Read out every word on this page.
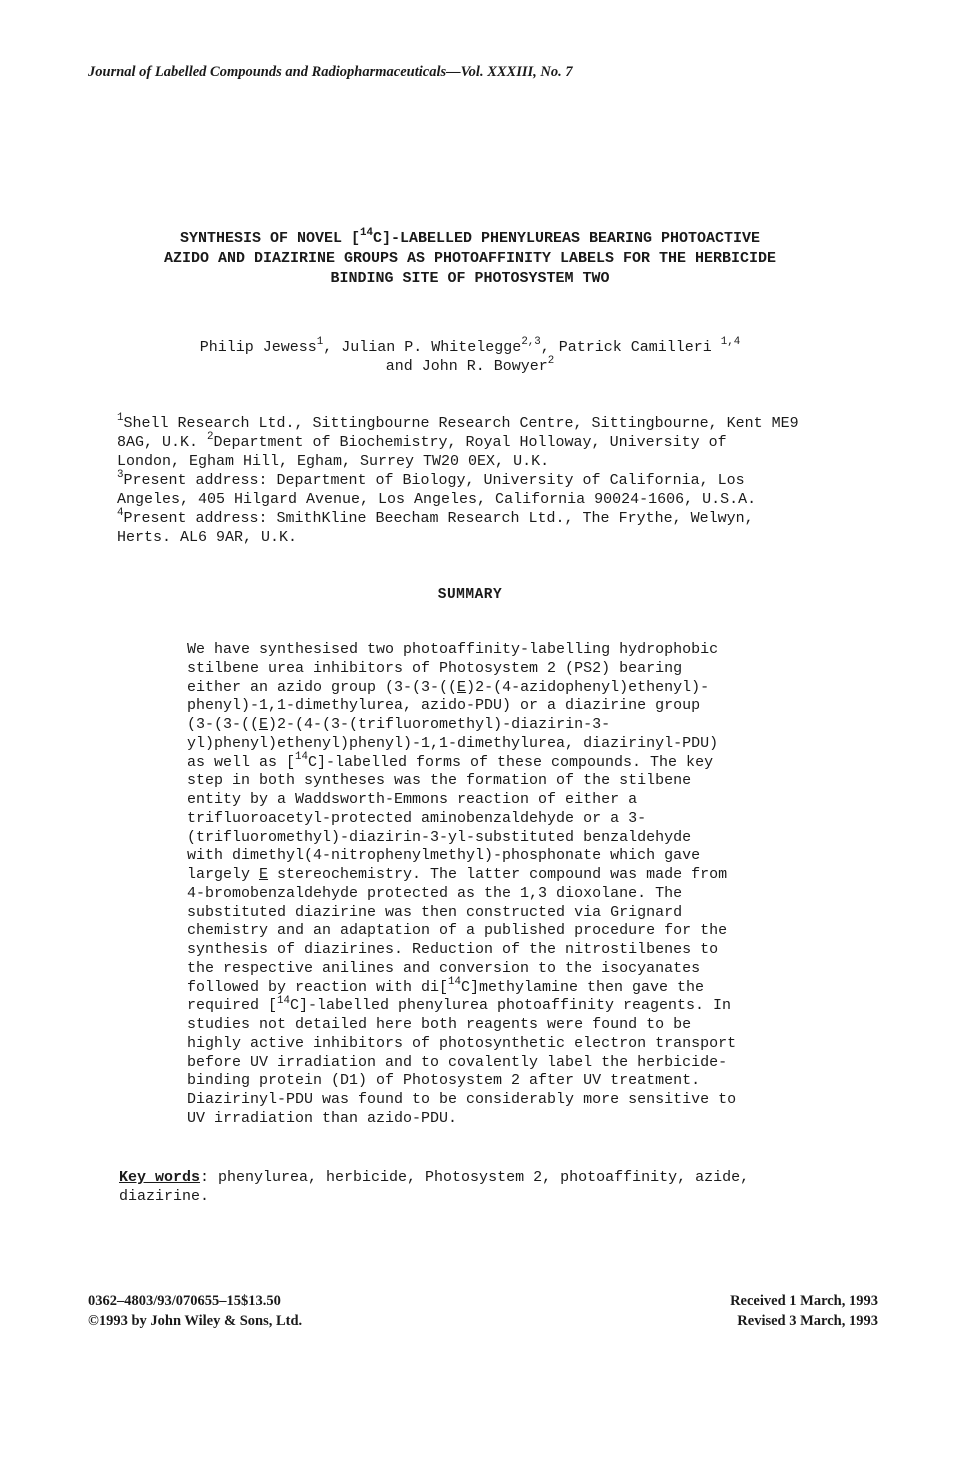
Journal of Labelled Compounds and Radiopharmaceuticals—Vol. XXXIII, No. 7
SYNTHESIS OF NOVEL [$^{14}$C]-LABELLED PHENYLUREAS BEARING PHOTOACTIVE
AZIDO AND DIAZIRINE GROUPS AS PHOTOAFFINITY LABELS FOR THE HERBICIDE
BINDING SITE OF PHOTOSYSTEM TWO
Philip Jewess$^1$, Julian P. Whitelegge$^{2,3}$, Patrick Camilleri $^{1,4}$
and John R. Bowyer$^2$
$^1$Shell Research Ltd., Sittingbourne Research Centre, Sittingbourne, Kent ME9
8AG, U.K. $^2$Department of Biochemistry, Royal Holloway, University of
London, Egham Hill, Egham, Surrey TW20 0EX, U.K.
$^3$Present address: Department of Biology, University of California, Los
Angeles, 405 Hilgard Avenue, Los Angeles, California 90024-1606, U.S.A.
$^4$Present address: SmithKline Beecham Research Ltd., The Frythe, Welwyn,
Herts. AL6 9AR, U.K.
SUMMARY
We have synthesised two photoaffinity-labelling hydrophobic
stilbene urea inhibitors of Photosystem 2 (PS2) bearing
either an azido group (3-(3-((E)2-(4-azidophenyl)ethenyl)-
phenyl)-1,1-dimethylurea, azido-PDU) or a diazirine group
(3-(3-((E)2-(4-(3-(trifluoromethyl)-diazirin-3-
yl)phenyl)ethenyl)phenyl)-1,1-dimethylurea, diazirinyl-PDU)
as well as [$^{14}$C]-labelled forms of these compounds. The key
step in both syntheses was the formation of the stilbene
entity by a Waddsworth-Emmons reaction of either a
trifluoroacetyl-protected aminobenzaldehyde or a 3-
(trifluoromethyl)-diazirin-3-yl-substituted benzaldehyde
with dimethyl(4-nitrophenylmethyl)-phosphonate which gave
largely E stereochemistry. The latter compound was made from
4-bromobenzaldehyde protected as the 1,3 dioxolane. The
substituted diazirine was then constructed via Grignard
chemistry and an adaptation of a published procedure for the
synthesis of diazirines. Reduction of the nitrostilbenes to
the respective anilines and conversion to the isocyanates
followed by reaction with di[$^{14}$C]methylamine then gave the
required [$^{14}$C]-labelled phenylurea photoaffinity reagents. In
studies not detailed here both reagents were found to be
highly active inhibitors of photosynthetic electron transport
before UV irradiation and to covalently label the herbicide-
binding protein (D1) of Photosystem 2 after UV treatment.
Diazirinyl-PDU was found to be considerably more sensitive to
UV irradiation than azido-PDU.
Key words: phenylurea, herbicide, Photosystem 2, photoaffinity, azide,
diazirine.
0362–4803/93/070655–15$13.50
©1993 by John Wiley & Sons, Ltd.
Received 1 March, 1993
Revised 3 March, 1993
